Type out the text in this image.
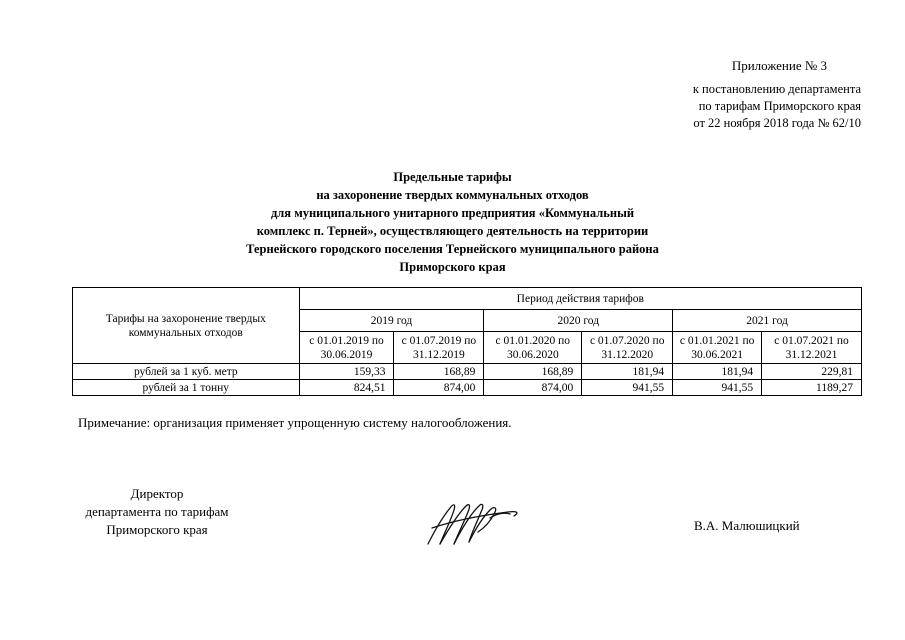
Приложение № 3
к постановлению департамента
по тарифам Приморского края
от 22 ноября 2018 года № 62/10
Предельные тарифы
на захоронение твердых коммунальных отходов
для муниципального унитарного предприятия «Коммунальный
комплекс п. Терней», осуществляющего деятельность на территории
Тернейского городского поселения Тернейского муниципального района
Приморского края
Тарифы на захоронение твердых коммунальных отходов	Период действия тарифов					
	2019 год		2020 год		2021 год	
	с 01.01.2019 по 30.06.2019	с 01.07.2019 по 31.12.2019	с 01.01.2020 по 30.06.2020	с 01.07.2020 по 31.12.2020	с 01.01.2021 по 30.06.2021	с 01.07.2021 по 31.12.2021
рублей за 1 куб. метр	159,33	168,89	168,89	181,94	181,94	229,81
рублей за 1 тонну	824,51	874,00	874,00	941,55	941,55	1189,27
Примечание: организация применяет упрощенную систему налогообложения.
Директор
департамента по тарифам
Приморского края	В.А. Малюшицкий
